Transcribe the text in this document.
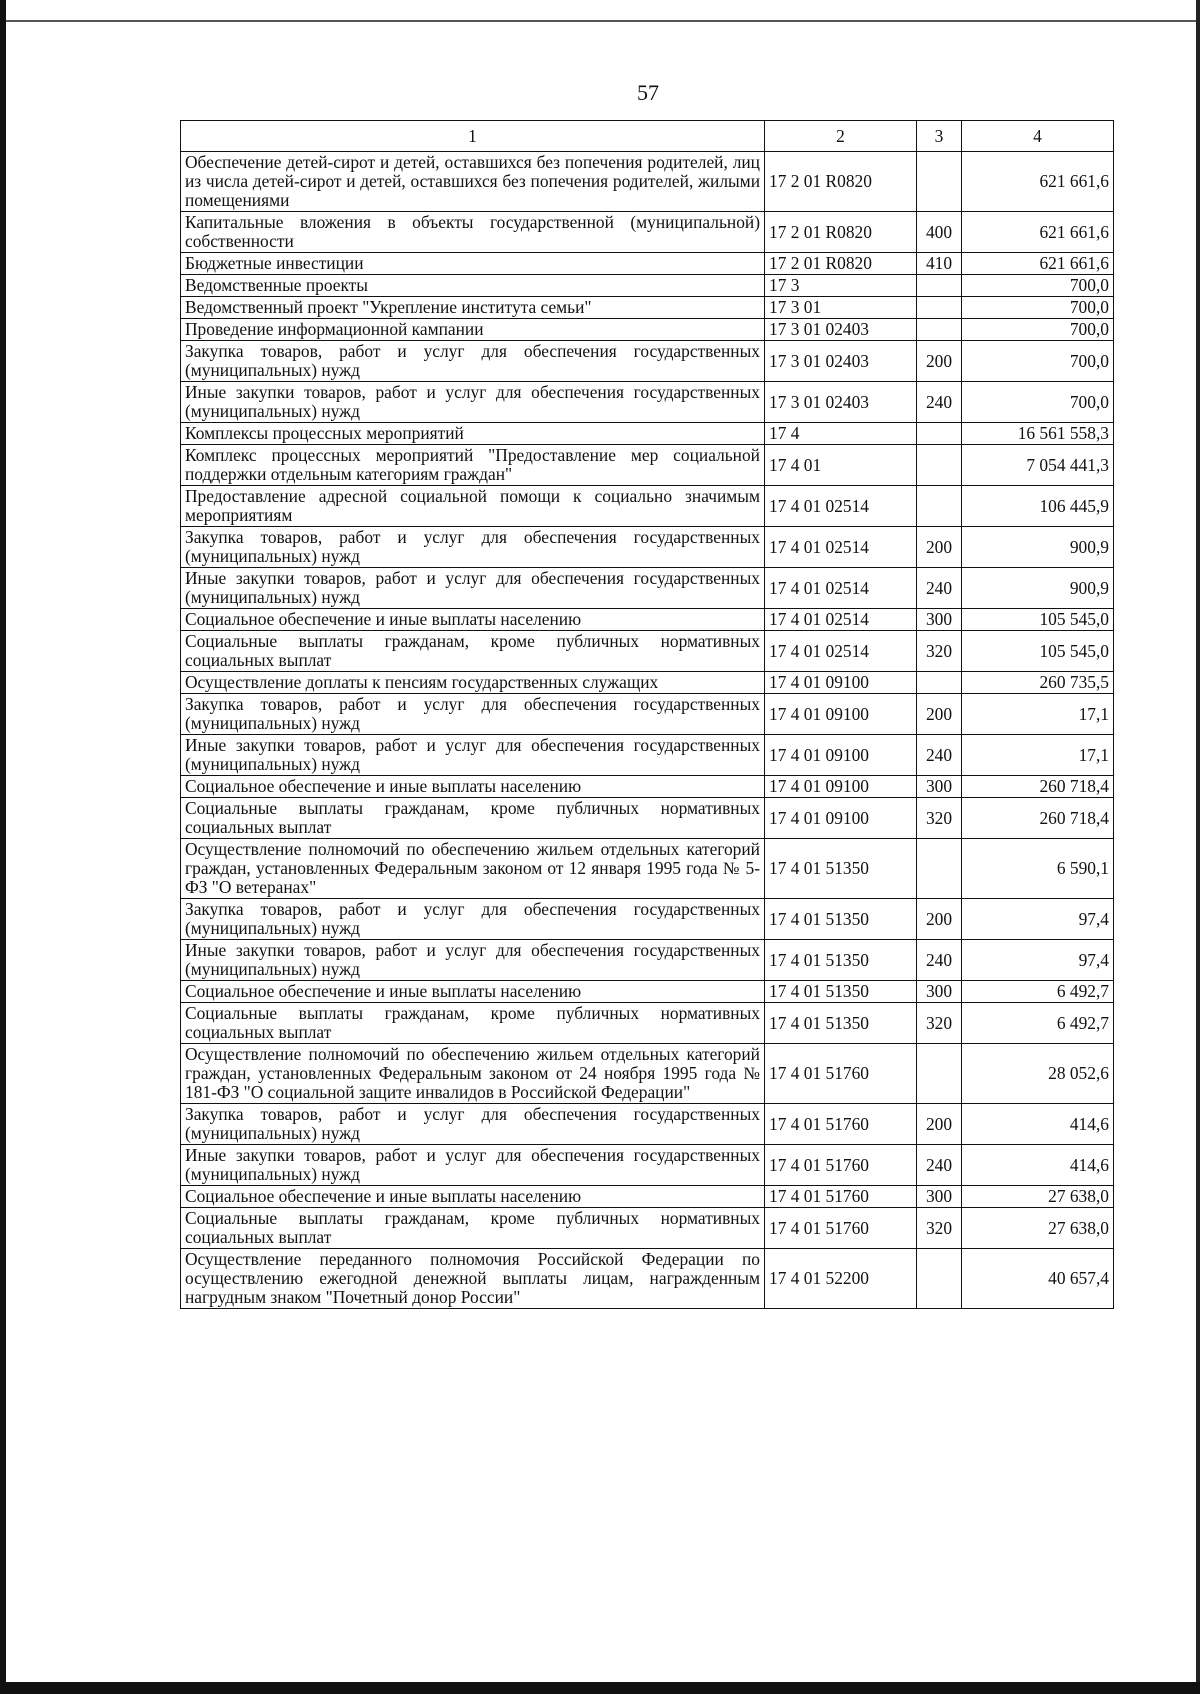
57
1	2	3	4
Обеспечение детей-сирот и детей, оставшихся без попечения родителей, лиц из числа детей-сирот и детей, оставшихся без попечения родителей, жилыми помещениями	17 2 01 R0820		621 661,6
Капитальные вложения в объекты государственной (муниципальной) собственности	17 2 01 R0820	400	621 661,6
Бюджетные инвестиции	17 2 01 R0820	410	621 661,6
Ведомственные проекты	17 3		700,0
Ведомственный проект "Укрепление института семьи"	17 3 01		700,0
Проведение информационной кампании	17 3 01 02403		700,0
Закупка товаров, работ и услуг для обеспечения государственных (муниципальных) нужд	17 3 01 02403	200	700,0
Иные закупки товаров, работ и услуг для обеспечения государственных (муниципальных) нужд	17 3 01 02403	240	700,0
Комплексы процессных мероприятий	17 4		16 561 558,3
Комплекс процессных мероприятий "Предоставление мер социальной поддержки отдельным категориям граждан"	17 4 01		7 054 441,3
Предоставление адресной социальной помощи к социально значимым мероприятиям	17 4 01 02514		106 445,9
Закупка товаров, работ и услуг для обеспечения государственных (муниципальных) нужд	17 4 01 02514	200	900,9
Иные закупки товаров, работ и услуг для обеспечения государственных (муниципальных) нужд	17 4 01 02514	240	900,9
Социальное обеспечение и иные выплаты населению	17 4 01 02514	300	105 545,0
Социальные выплаты гражданам, кроме публичных нормативных социальных выплат	17 4 01 02514	320	105 545,0
Осуществление доплаты к пенсиям государственных служащих	17 4 01 09100		260 735,5
Закупка товаров, работ и услуг для обеспечения государственных (муниципальных) нужд	17 4 01 09100	200	17,1
Иные закупки товаров, работ и услуг для обеспечения государственных (муниципальных) нужд	17 4 01 09100	240	17,1
Социальное обеспечение и иные выплаты населению	17 4 01 09100	300	260 718,4
Социальные выплаты гражданам, кроме публичных нормативных социальных выплат	17 4 01 09100	320	260 718,4
Осуществление полномочий по обеспечению жильем отдельных категорий граждан, установленных Федеральным законом от 12 января 1995 года № 5-ФЗ "О ветеранах"	17 4 01 51350		6 590,1
Закупка товаров, работ и услуг для обеспечения государственных (муниципальных) нужд	17 4 01 51350	200	97,4
Иные закупки товаров, работ и услуг для обеспечения государственных (муниципальных) нужд	17 4 01 51350	240	97,4
Социальное обеспечение и иные выплаты населению	17 4 01 51350	300	6 492,7
Социальные выплаты гражданам, кроме публичных нормативных социальных выплат	17 4 01 51350	320	6 492,7
Осуществление полномочий по обеспечению жильем отдельных категорий граждан, установленных Федеральным законом от 24 ноября 1995 года № 181-ФЗ "О социальной защите инвалидов в Российской Федерации"	17 4 01 51760		28 052,6
Закупка товаров, работ и услуг для обеспечения государственных (муниципальных) нужд	17 4 01 51760	200	414,6
Иные закупки товаров, работ и услуг для обеспечения государственных (муниципальных) нужд	17 4 01 51760	240	414,6
Социальное обеспечение и иные выплаты населению	17 4 01 51760	300	27 638,0
Социальные выплаты гражданам, кроме публичных нормативных социальных выплат	17 4 01 51760	320	27 638,0
Осуществление переданного полномочия Российской Федерации по осуществлению ежегодной денежной выплаты лицам, награжденным нагрудным знаком "Почетный донор России"	17 4 01 52200		40 657,4
